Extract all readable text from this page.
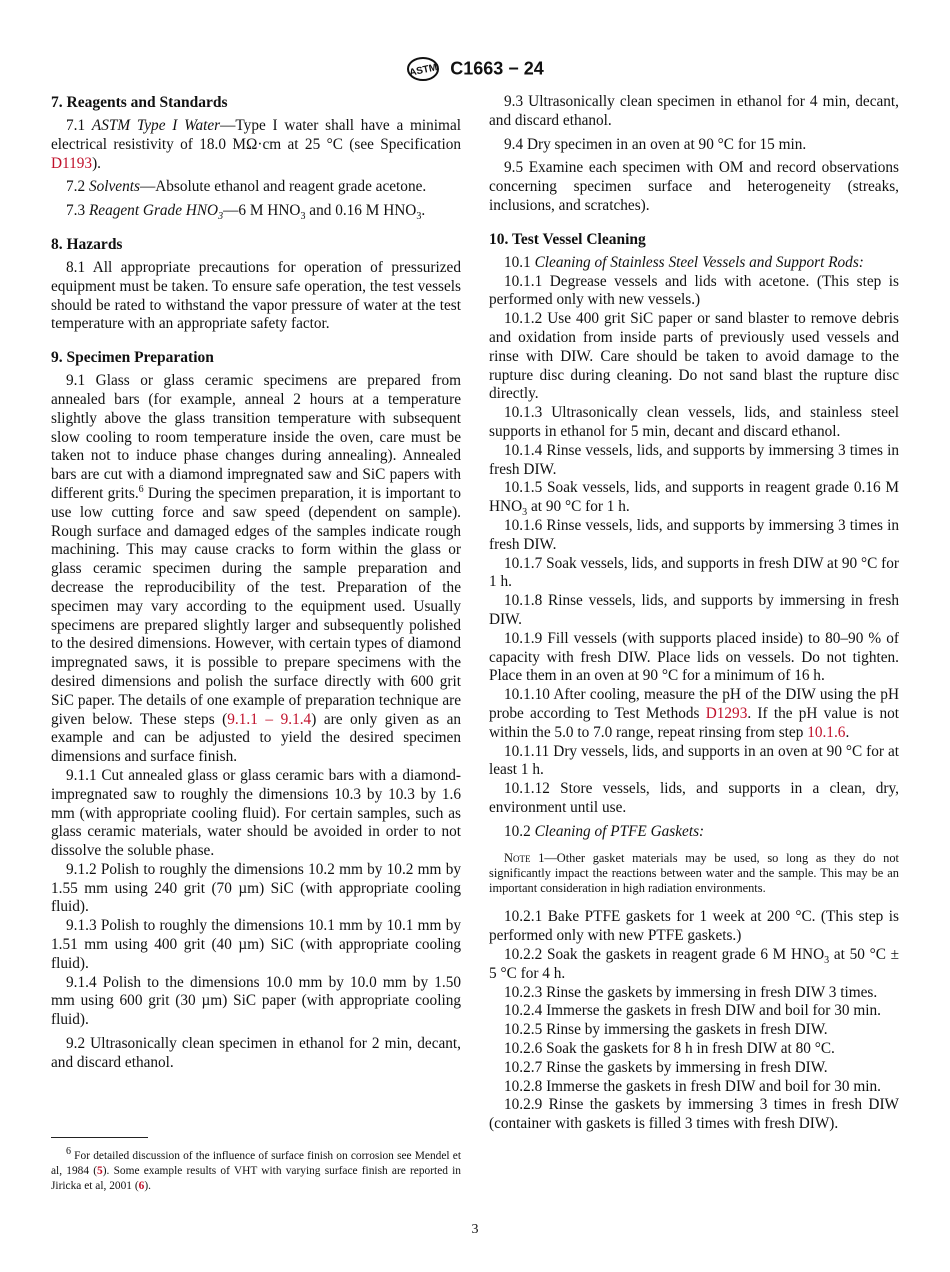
ASTM C1663 − 24
7. Reagents and Standards

7.1 ASTM Type I Water—Type I water shall have a minimal electrical resistivity of 18.0 MΩ·cm at 25 °C (see Specification D1193).

7.2 Solvents—Absolute ethanol and reagent grade acetone.

7.3 Reagent Grade $HNO_3—6$ M $HNO_3$ and 0.16 M $HNO_3$.

8. Hazards

8.1 All appropriate precautions for operation of pressurized equipment must be taken. To ensure safe operation, the test vessels should be rated to withstand the vapor pressure of water at the test temperature with an appropriate safety factor.

9. Specimen Preparation

9.1 Glass or glass ceramic specimens are prepared from annealed bars (for example, anneal 2 hours at a temperature slightly above the glass transition temperature with subsequent slow cooling to room temperature inside the oven, care must be taken not to induce phase changes during annealing). Annealed bars are cut with a diamond impregnated saw and SiC papers with different grits.$^6$ During the specimen preparation, it is important to use low cutting force and saw speed (dependent on sample). Rough surface and damaged edges of the samples indicate rough machining. This may cause cracks to form within the glass or glass ceramic specimen during the sample preparation and decrease the reproducibility of the test. Preparation of the specimen may vary according to the equipment used. Usually specimens are prepared slightly larger and subsequently polished to the desired dimensions. However, with certain types of diamond impregnated saws, it is possible to prepare specimens with the desired dimensions and polish the surface directly with 600 grit SiC paper. The details of one example of preparation technique are given below. These steps (9.1.1 – 9.1.4) are only given as an example and can be adjusted to yield the desired specimen dimensions and surface finish.

9.1.1 Cut annealed glass or glass ceramic bars with a diamond-impregnated saw to roughly the dimensions 10.3 by 10.3 by 1.6 mm (with appropriate cooling fluid). For certain samples, such as glass ceramic materials, water should be avoided in order to not dissolve the soluble phase.

9.1.2 Polish to roughly the dimensions 10.2 mm by 10.2 mm by 1.55 mm using 240 grit (70 µm) SiC (with appropriate cooling fluid).

9.1.3 Polish to roughly the dimensions 10.1 mm by 10.1 mm by 1.51 mm using 400 grit (40 µm) SiC (with appropriate cooling fluid).

9.1.4 Polish to the dimensions 10.0 mm by 10.0 mm by 1.50 mm using 600 grit (30 µm) SiC paper (with appropriate cooling fluid).

9.2 Ultrasonically clean specimen in ethanol for 2 min, decant, and discard ethanol.

9.3 Ultrasonically clean specimen in ethanol for 4 min, decant, and discard ethanol.

9.4 Dry specimen in an oven at 90 °C for 15 min.

9.5 Examine each specimen with OM and record observations concerning specimen surface and heterogeneity (streaks, inclusions, and scratches).

10. Test Vessel Cleaning

10.1 Cleaning of Stainless Steel Vessels and Support Rods:

10.1.1 Degrease vessels and lids with acetone. (This step is performed only with new vessels.)

10.1.2 Use 400 grit SiC paper or sand blaster to remove debris and oxidation from inside parts of previously used vessels and rinse with DIW. Care should be taken to avoid damage to the rupture disc during cleaning. Do not sand blast the rupture disc directly.

10.1.3 Ultrasonically clean vessels, lids, and stainless steel supports in ethanol for 5 min, decant and discard ethanol.

10.1.4 Rinse vessels, lids, and supports by immersing 3 times in fresh DIW.

10.1.5 Soak vessels, lids, and supports in reagent grade 0.16 M $HNO_3$ at 90 °C for 1 h.

10.1.6 Rinse vessels, lids, and supports by immersing 3 times in fresh DIW.

10.1.7 Soak vessels, lids, and supports in fresh DIW at 90 °C for 1 h.

10.1.8 Rinse vessels, lids, and supports by immersing in fresh DIW.

10.1.9 Fill vessels (with supports placed inside) to 80–90 % of capacity with fresh DIW. Place lids on vessels. Do not tighten. Place them in an oven at 90 °C for a minimum of 16 h.

10.1.10 After cooling, measure the pH of the DIW using the pH probe according to Test Methods D1293. If the pH value is not within the 5.0 to 7.0 range, repeat rinsing from step 10.1.6.

10.1.11 Dry vessels, lids, and supports in an oven at 90 °C for at least 1 h.

10.1.12 Store vessels, lids, and supports in a clean, dry, environment until use.

10.2 Cleaning of PTFE Gaskets:

Note 1—Other gasket materials may be used, so long as they do not significantly impact the reactions between water and the sample. This may be an important consideration in high radiation environments.

10.2.1 Bake PTFE gaskets for 1 week at 200 °C. (This step is performed only with new PTFE gaskets.)

10.2.2 Soak the gaskets in reagent grade 6 M $HNO_3$ at 50 °C ± 5 °C for 4 h.

10.2.3 Rinse the gaskets by immersing in fresh DIW 3 times.

10.2.4 Immerse the gaskets in fresh DIW and boil for 30 min.

10.2.5 Rinse by immersing the gaskets in fresh DIW.

10.2.6 Soak the gaskets for 8 h in fresh DIW at 80 °C.

10.2.7 Rinse the gaskets by immersing in fresh DIW.

10.2.8 Immerse the gaskets in fresh DIW and boil for 30 min.

10.2.9 Rinse the gaskets by immersing 3 times in fresh DIW (container with gaskets is filled 3 times with fresh DIW).

$^6$ For detailed discussion of the influence of surface finish on corrosion see Mendel et al, 1984 (5). Some example results of VHT with varying surface finish are reported in Jiricka et al, 2001 (6).
3
